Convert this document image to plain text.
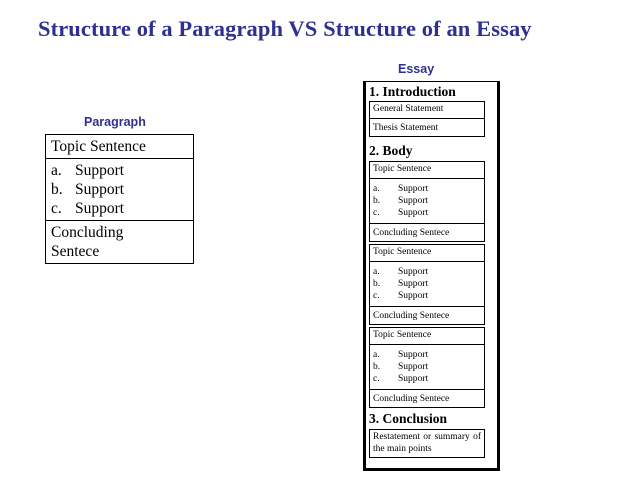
Structure of a Paragraph VS Structure of an Essay
Paragraph
Topic Sentence
a. Support
b. Support
c. Support
Concluding Sentece
Essay
1. Introduction
General Statement
Thesis Statement
2. Body
Topic Sentence
a. Support
b. Support
c. Support
Concluding Sentece
Topic Sentence
a. Support
b. Support
c. Support
Concluding Sentece
Topic Sentence
a. Support
b. Support
c. Support
Concluding Sentece
3. Conclusion
Restatement or summary of the main points
